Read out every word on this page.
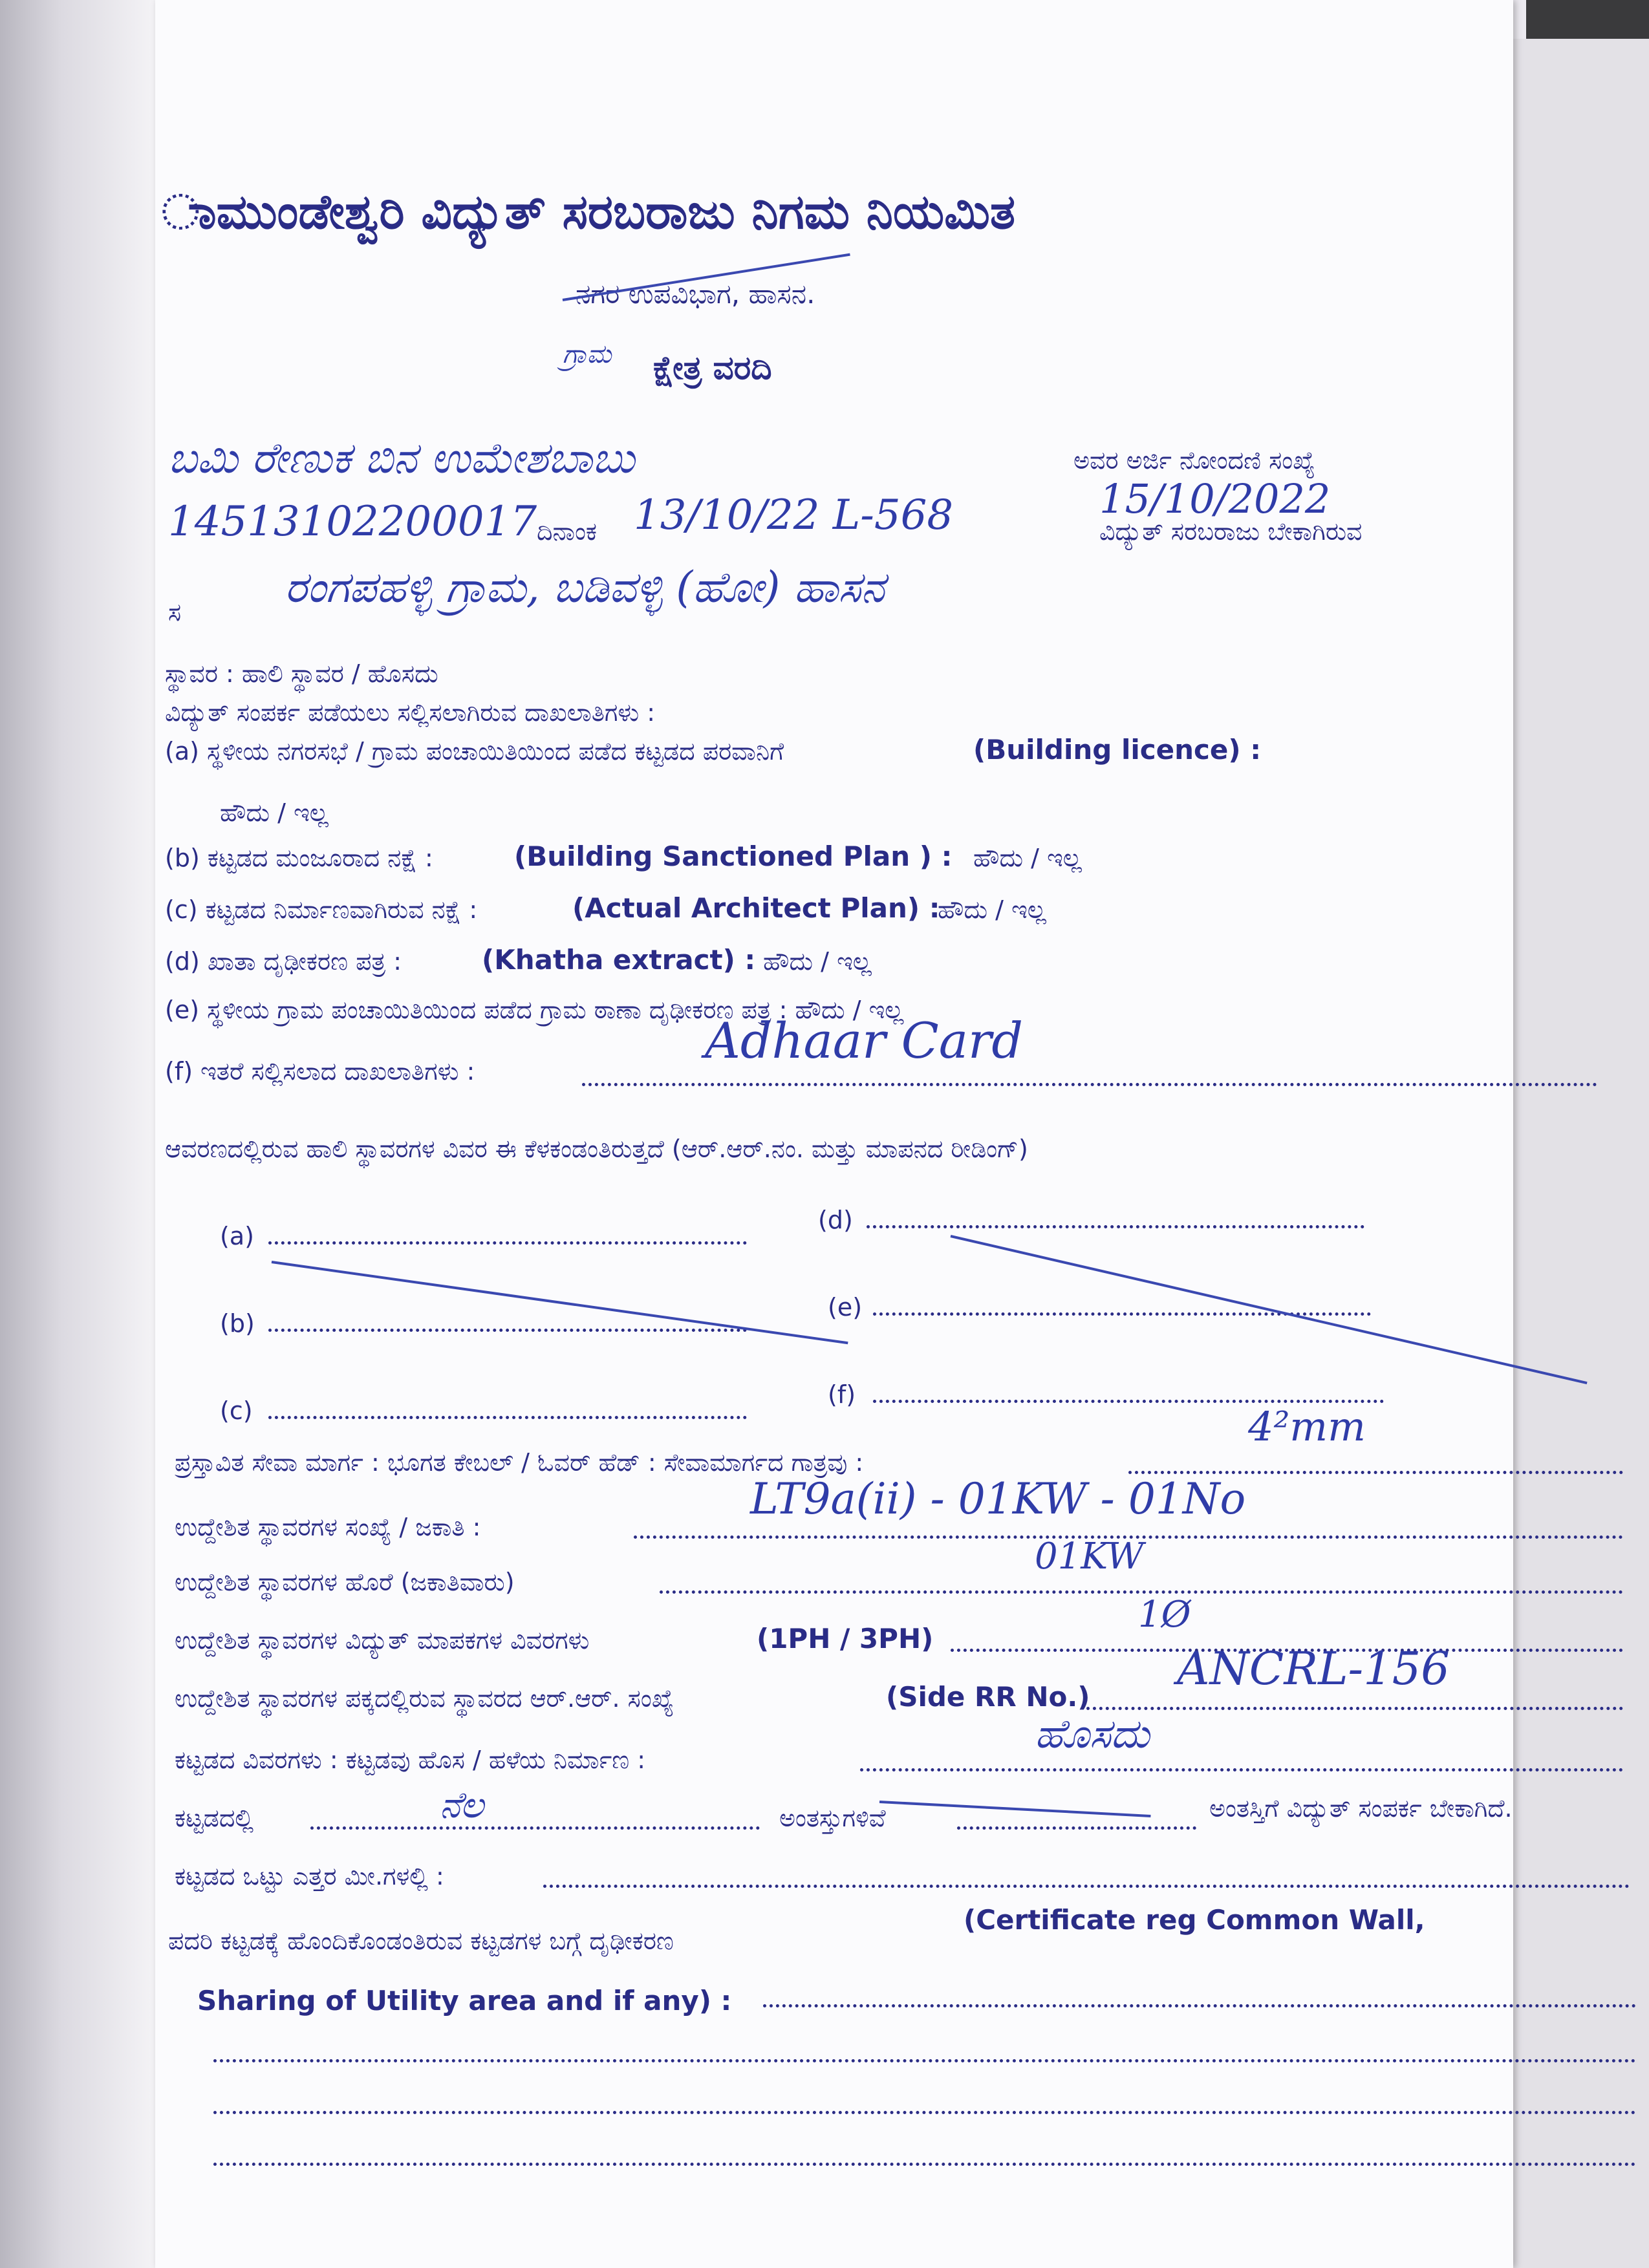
ಾಮುಂಡೇಶ್ವರಿ ವಿದ್ಯುತ್ ಸರಬರಾಜು ನಿಗಮ ನಿಯಮಿತ
ನಗರ ಉಪವಿಭಾಗ, ಹಾಸನ.
ಗ್ರಾಮ ಕ್ಷೇತ್ರ ವರದಿ
ಬಮಿ ರೇಣುಕ ಬಿನ ಉಮೇಶಬಾಬು	ಅವರ ಅರ್ಜಿ ನೋಂದಣಿ ಸಂಖ್ಯೆ
14513102200017 ದಿನಾಂಕ 13/10/22 L-568	15/10/2022
ವಿದ್ಯುತ್ ಸರಬರಾಜು ಬೇಕಾಗಿರುವ
ಸ ರಂಗಪಹಳ್ಳಿ ಗ್ರಾಮ, ಬಡಿವಳ್ಳಿ (ಹೋ) ಹಾಸನ
ಸ್ಥಾವರ : ಹಾಲಿ ಸ್ಥಾವರ / ಹೊಸದು
ವಿದ್ಯುತ್ ಸಂಪರ್ಕ ಪಡೆಯಲು ಸಲ್ಲಿಸಲಾಗಿರುವ ದಾಖಲಾತಿಗಳು :
(a) ಸ್ಥಳೀಯ ನಗರಸಭೆ / ಗ್ರಾಮ ಪಂಚಾಯಿತಿಯಿಂದ ಪಡೆದ ಕಟ್ಟಡದ ಪರವಾನಿಗೆ	(Building licence) :
ಹೌದು / ಇಲ್ಲ
(b) ಕಟ್ಟಡದ ಮಂಜೂರಾದ ನಕ್ಷೆ :	(Building Sanctioned Plan ) : ಹೌದು / ಇಲ್ಲ
(c) ಕಟ್ಟಡದ ನಿರ್ಮಾಣವಾಗಿರುವ ನಕ್ಷೆ :	(Actual Architect Plan) :
ಹೌದು / ಇಲ್ಲ
(d) ಖಾತಾ ದೃಢೀಕರಣ ಪತ್ರ :	(Khatha extract) : ಹೌದು / ಇಲ್ಲ
(e) ಸ್ಥಳೀಯ ಗ್ರಾಮ ಪಂಚಾಯಿತಿಯಿಂದ ಪಡೆದ ಗ್ರಾಮ ಠಾಣಾ ದೃಢೀಕರಣ ಪತ್ರ : ಹೌದು / ಇಲ್ಲ
(f) ಇತರೆ ಸಲ್ಲಿಸಲಾದ ದಾಖಲಾತಿಗಳು :
Adhaar Card
ಆವರಣದಲ್ಲಿರುವ ಹಾಲಿ ಸ್ಥಾವರಗಳ ವಿವರ ಈ ಕೆಳಕಂಡಂತಿರುತ್ತದೆ (ಆರ್.ಆರ್.ನಂ. ಮತ್ತು ಮಾಪನದ ರೀಡಿಂಗ್)
(a)
(d)
(b)
(e)
(c)
(f)
ಪ್ರಸ್ತಾವಿತ ಸೇವಾ ಮಾರ್ಗ : ಭೂಗತ ಕೇಬಲ್ / ಓವರ್ ಹೆಡ್ : ಸೇವಾಮಾರ್ಗದ ಗಾತ್ರವು :
4²mm
ಉದ್ದೇಶಿತ ಸ್ಥಾವರಗಳ ಸಂಖ್ಯೆ / ಜಕಾತಿ :
LT9a(ii) - 01KW - 01No
ಉದ್ದೇಶಿತ ಸ್ಥಾವರಗಳ ಹೊರೆ (ಜಕಾತಿವಾರು)
01KW
ಉದ್ದೇಶಿತ ಸ್ಥಾವರಗಳ ವಿದ್ಯುತ್ ಮಾಪಕಗಳ ವಿವರಗಳು	(1PH / 3PH)
1Ø
ಉದ್ದೇಶಿತ ಸ್ಥಾವರಗಳ ಪಕ್ಕದಲ್ಲಿರುವ ಸ್ಥಾವರದ ಆರ್.ಆರ್. ಸಂಖ್ಯೆ	(Side RR No.)
ANCRL-156
ಕಟ್ಟಡದ ವಿವರಗಳು : ಕಟ್ಟಡವು ಹೊಸ / ಹಳೆಯ ನಿರ್ಮಾಣ :
ಹೊಸದು
ಕಟ್ಟಡದಲ್ಲಿ	ನೆಲ	ಅಂತಸ್ತುಗಳಿವೆ	ಅಂತಸ್ತಿಗೆ ವಿದ್ಯುತ್ ಸಂಪರ್ಕ ಬೇಕಾಗಿದೆ.
ಕಟ್ಟಡದ ಒಟ್ಟು ಎತ್ತರ ಮೀ.ಗಳಲ್ಲಿ :
ಪದರಿ ಕಟ್ಟಡಕ್ಕೆ ಹೊಂದಿಕೊಂಡಂತಿರುವ ಕಟ್ಟಡಗಳ ಬಗ್ಗೆ ದೃಢೀಕರಣ
(Certificate reg Common Wall,
Sharing of Utility area and if any) :
